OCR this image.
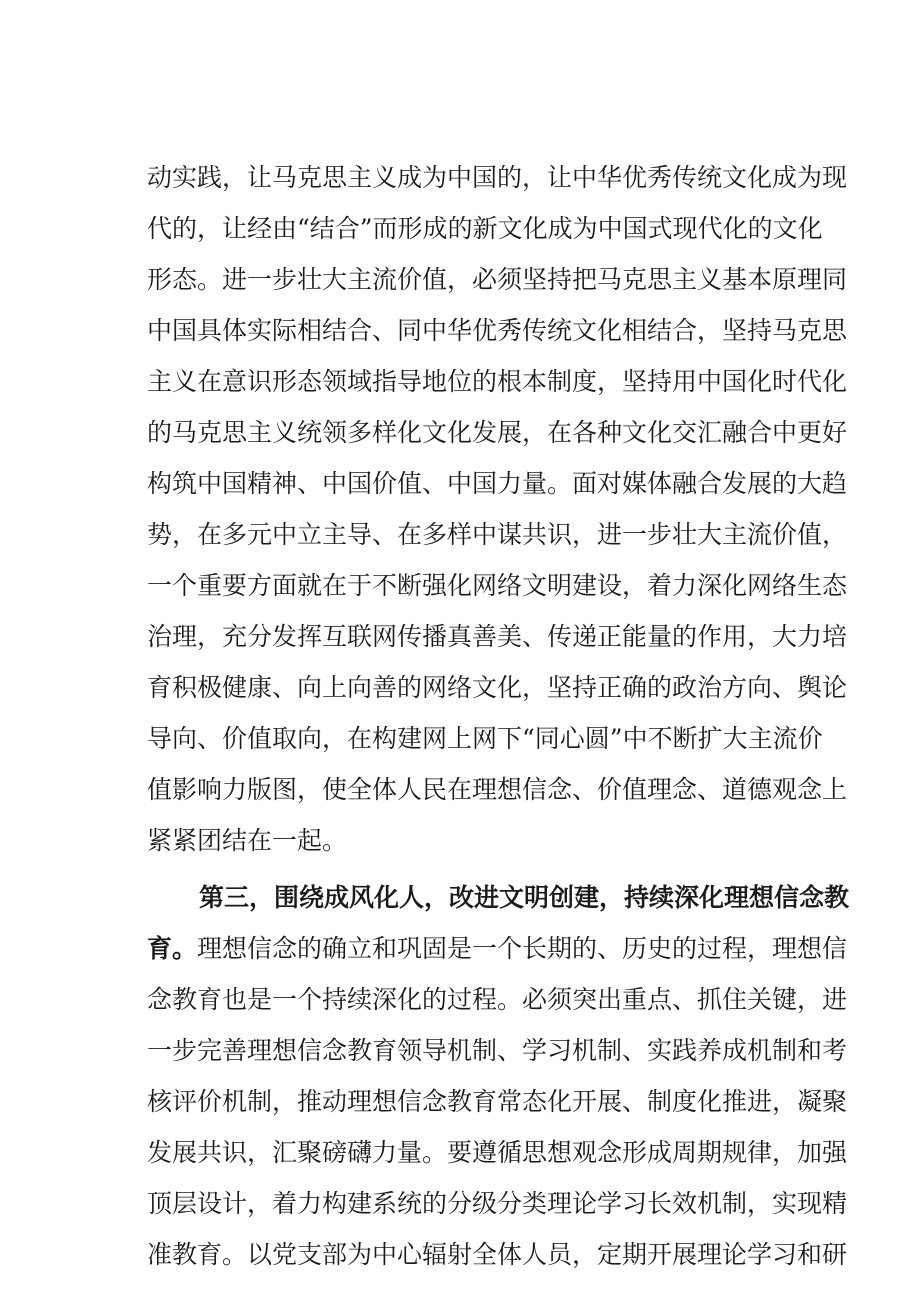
动实践，让马克思主义成为中国的，让中华优秀传统文化成为现
代的，让经由“结合”而形成的新文化成为中国式现代化的文化
形态。进一步壮大主流价值，必须坚持把马克思主义基本原理同
中国具体实际相结合、同中华优秀传统文化相结合，坚持马克思
主义在意识形态领域指导地位的根本制度，坚持用中国化时代化
的马克思主义统领多样化文化发展，在各种文化交汇融合中更好
构筑中国精神、中国价值、中国力量。面对媒体融合发展的大趋
势，在多元中立主导、在多样中谋共识，进一步壮大主流价值，
一个重要方面就在于不断强化网络文明建设，着力深化网络生态
治理，充分发挥互联网传播真善美、传递正能量的作用，大力培
育积极健康、向上向善的网络文化，坚持正确的政治方向、舆论
导向、价值取向，在构建网上网下“同心圆”中不断扩大主流价
值影响力版图，使全体人民在理想信念、价值理念、道德观念上
紧紧团结在一起。
第三，围绕成风化人，改进文明创建，持续深化理想信念教
育。理想信念的确立和巩固是一个长期的、历史的过程，理想信
念教育也是一个持续深化的过程。必须突出重点、抓住关键，进
一步完善理想信念教育领导机制、学习机制、实践养成机制和考
核评价机制，推动理想信念教育常态化开展、制度化推进，凝聚
发展共识，汇聚磅礴力量。要遵循思想观念形成周期规律，加强
顶层设计，着力构建系统的分级分类理论学习长效机制，实现精
准教育。以党支部为中心辐射全体人员，定期开展理论学习和研
